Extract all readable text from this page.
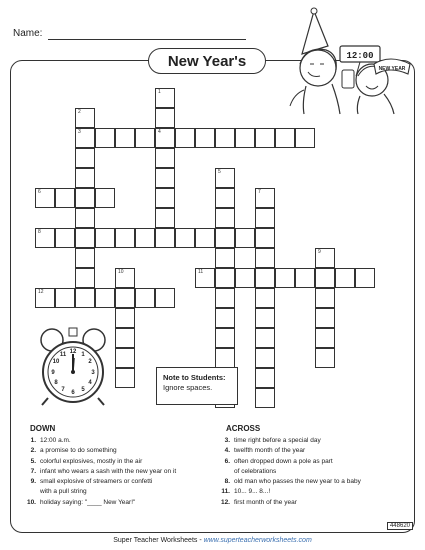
Name:
New Year's	12:00
NEW YEAR
1
4
2
3
5
6	7
8
9
10	11
12
12 1
2
3
4
5
6
7
8
9
10
11
Note to Students:
Ignore spaces.
DOWN	ACROSS
1. 12:00 a.m.
2. a promise to do something
5. colorful explosives, mostly in the air
7. infant who wears a sash with the new year on it
9. small explosive of streamers or confetti
with a pull string
10. holiday saying: "____ New Year!"
3. time right before a special day
4. twelfth month of the year
6. often dropped down a pole as part
of celebrations
8. old man who passes the new year to a baby
11. 10... 9... 8...!
12. first month of the year
448620
Super Teacher Worksheets - www.superteacherworksheets.com
